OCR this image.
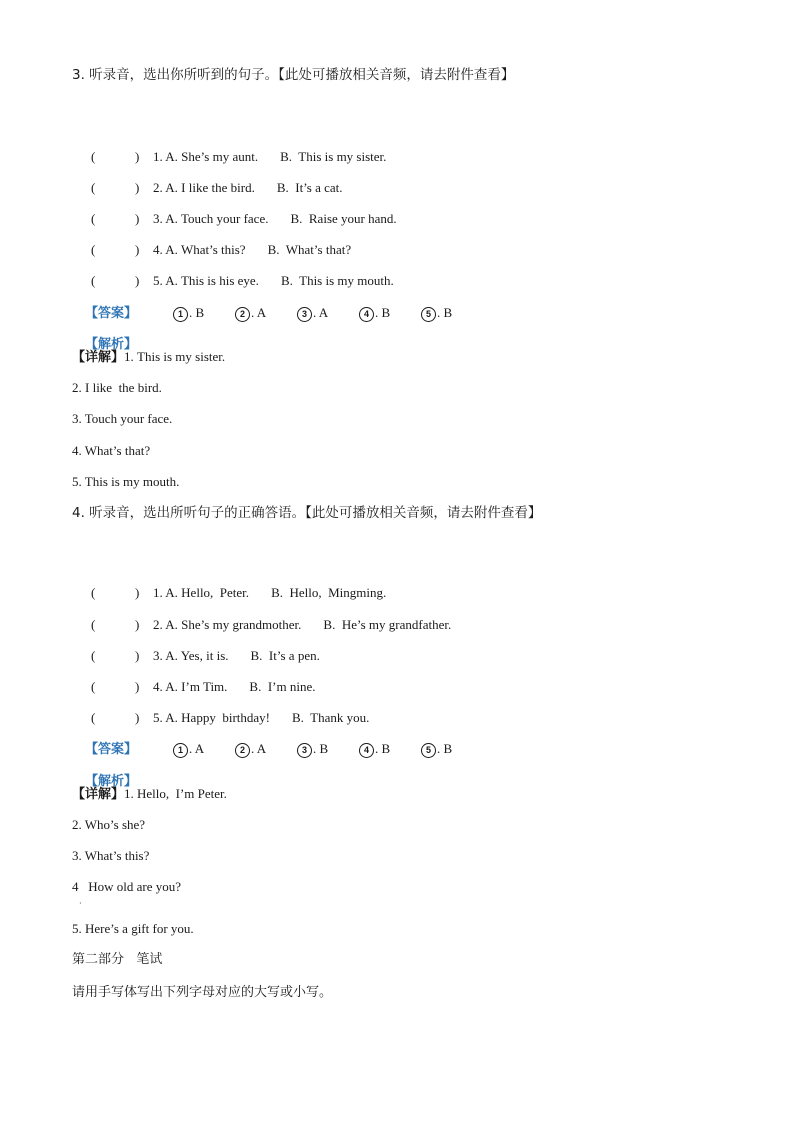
3. 听录音，选出你所听到的句子。【此处可播放相关音频，请去附件查看】

(	) 1. A. She’s my aunt. B.  This is my sister.

(	) 2. A. I like the bird. B.  It’s a cat.

(	) 3. A. Touch your face. B.  Raise your hand.

(	) 4. A. What’s this? B.  What’s that?

(	) 5. A. This is his eye. B.  This is my mouth.

【答案】	1 . B	2 . A	3 . A	4 . B	5 . B

【解析】

【详解】1. This is my sister.
2. I like  the bird.
3. Touch your face.
4. What’s that?
5. This is my mouth.
4. 听录音，选出所听句子的正确答语。【此处可播放相关音频，请去附件查看】

(	) 1. A. Hello,  Peter. B.  Hello,  Mingming.

(	) 2. A. She’s my grandmother. B.  He’s my grandfather.

(	) 3. A. Yes, it is. B.  It’s a pen.

(	) 4. A. I’m Tim. B.  I’m nine.

(	) 5. A. Happy  birthday! B.  Thank you.

【答案】	1 . A	2 . A	3 . B	4 . B	5 . B

【解析】

【详解】1. Hello,  I’m Peter.
2. Who’s she?
3. What’s this?
4   How old are you?
·
5. Here’s a gift for you.
第二部分   笔试
请用手写体写出下列字母对应的大写或小写。
